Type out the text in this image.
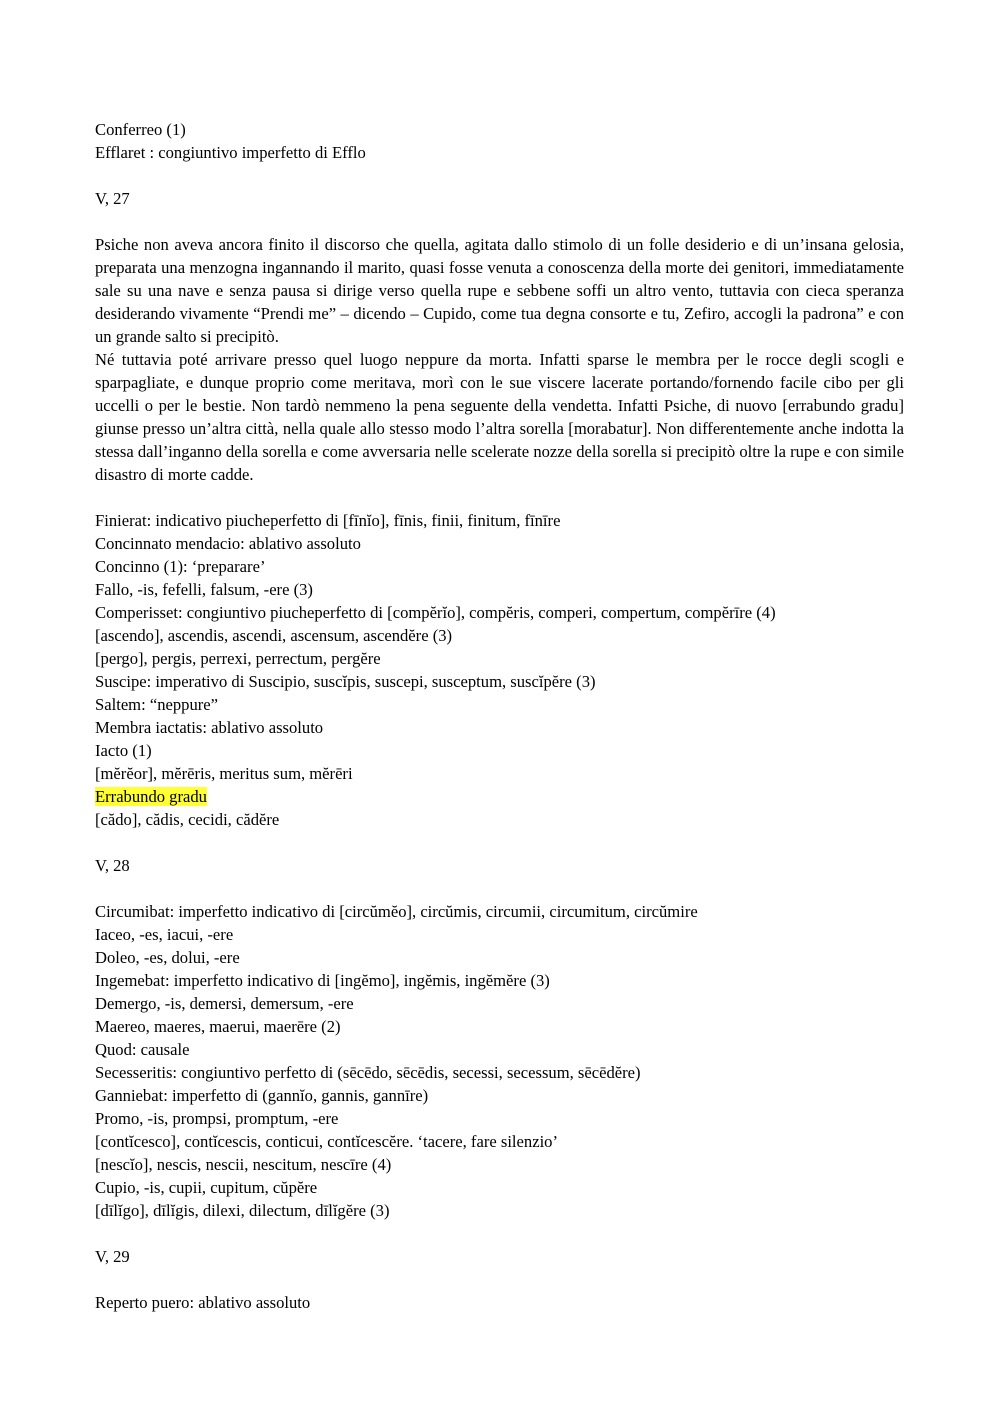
Conferreo (1)
Efflaret : congiuntivo imperfetto di Efflo
V, 27
Psiche non aveva ancora finito il discorso che quella, agitata dallo stimolo di un folle desiderio e di un’insana gelosia, preparata una menzogna ingannando il marito, quasi fosse venuta a conoscenza della morte dei genitori, immediatamente sale su una nave e senza pausa si dirige verso quella rupe e sebbene soffi un altro vento, tuttavia con cieca speranza desiderando vivamente “Prendi me” – dicendo – Cupido, come tua degna consorte e tu, Zefiro, accogli la padrona” e con un grande salto si precipitò.
Né tuttavia poté arrivare presso quel luogo neppure da morta. Infatti sparse le membra per le rocce degli scogli e sparpagliate, e dunque proprio come meritava, morì con le sue viscere lacerate portando/fornendo facile cibo per gli uccelli o per le bestie. Non tardò nemmeno la pena seguente della vendetta. Infatti Psiche, di nuovo [errabundo gradu] giunse presso un’altra città, nella quale allo stesso modo l’altra sorella [morabatur]. Non differentemente anche indotta la stessa dall’inganno della sorella e come avversaria nelle scelerate nozze della sorella si precipitò oltre la rupe e con simile disastro di morte cadde.
Finierat: indicativo piucheperfetto di [fīnĭo], fīnis, finii, finitum, fīnīre
Concinnato mendacio: ablativo assoluto
Concinno (1): ‘preparare’
Fallo, -is, fefelli, falsum, -ere (3)
Comperisset: congiuntivo piucheperfetto di [compĕrĭo], compĕris, comperi, compertum, compĕrīre (4)
[ascendo], ascendis, ascendi, ascensum, ascendĕre (3)
[pergo], pergis, perrexi, perrectum, pergĕre
Suscipe: imperativo di Suscipio, suscĭpis, suscepi, susceptum, suscĭpĕre (3)
Saltem: “neppure”
Membra iactatis: ablativo assoluto
Iacto (1)
[mĕrĕor], mĕrēris, meritus sum, mĕrēri
Errabundo gradu
[cădo], cădis, cecidi, cădĕre
V, 28
Circumibat: imperfetto indicativo di [circŭmĕo], circŭmis, circumii, circumitum, circŭmire
Iaceo, -es, iacui, -ere
Doleo, -es, dolui, -ere
Ingemebat: imperfetto indicativo di [ingĕmo], ingĕmis, ingĕmĕre (3)
Demergo, -is, demersi, demersum, -ere
Maereo, maeres, maerui, maerēre (2)
Quod: causale
Secesseritis: congiuntivo perfetto di (sēcēdo, sēcēdis, secessi, secessum, sēcēdĕre)
Ganniebat: imperfetto di (gannĭo, gannis, gannīre)
Promo, -is, prompsi, promptum, -ere
[contĭcesco], contĭcescis, conticui, contĭcescĕre. ‘tacere, fare silenzio’
[nescĭo], nescis, nescii, nescitum, nescīre (4)
Cupio, -is, cupii, cupitum, cŭpĕre
[dīlĭgo], dīlĭgis, dilexi, dilectum, dīlĭgĕre (3)
V, 29
Reperto puero: ablativo assoluto
